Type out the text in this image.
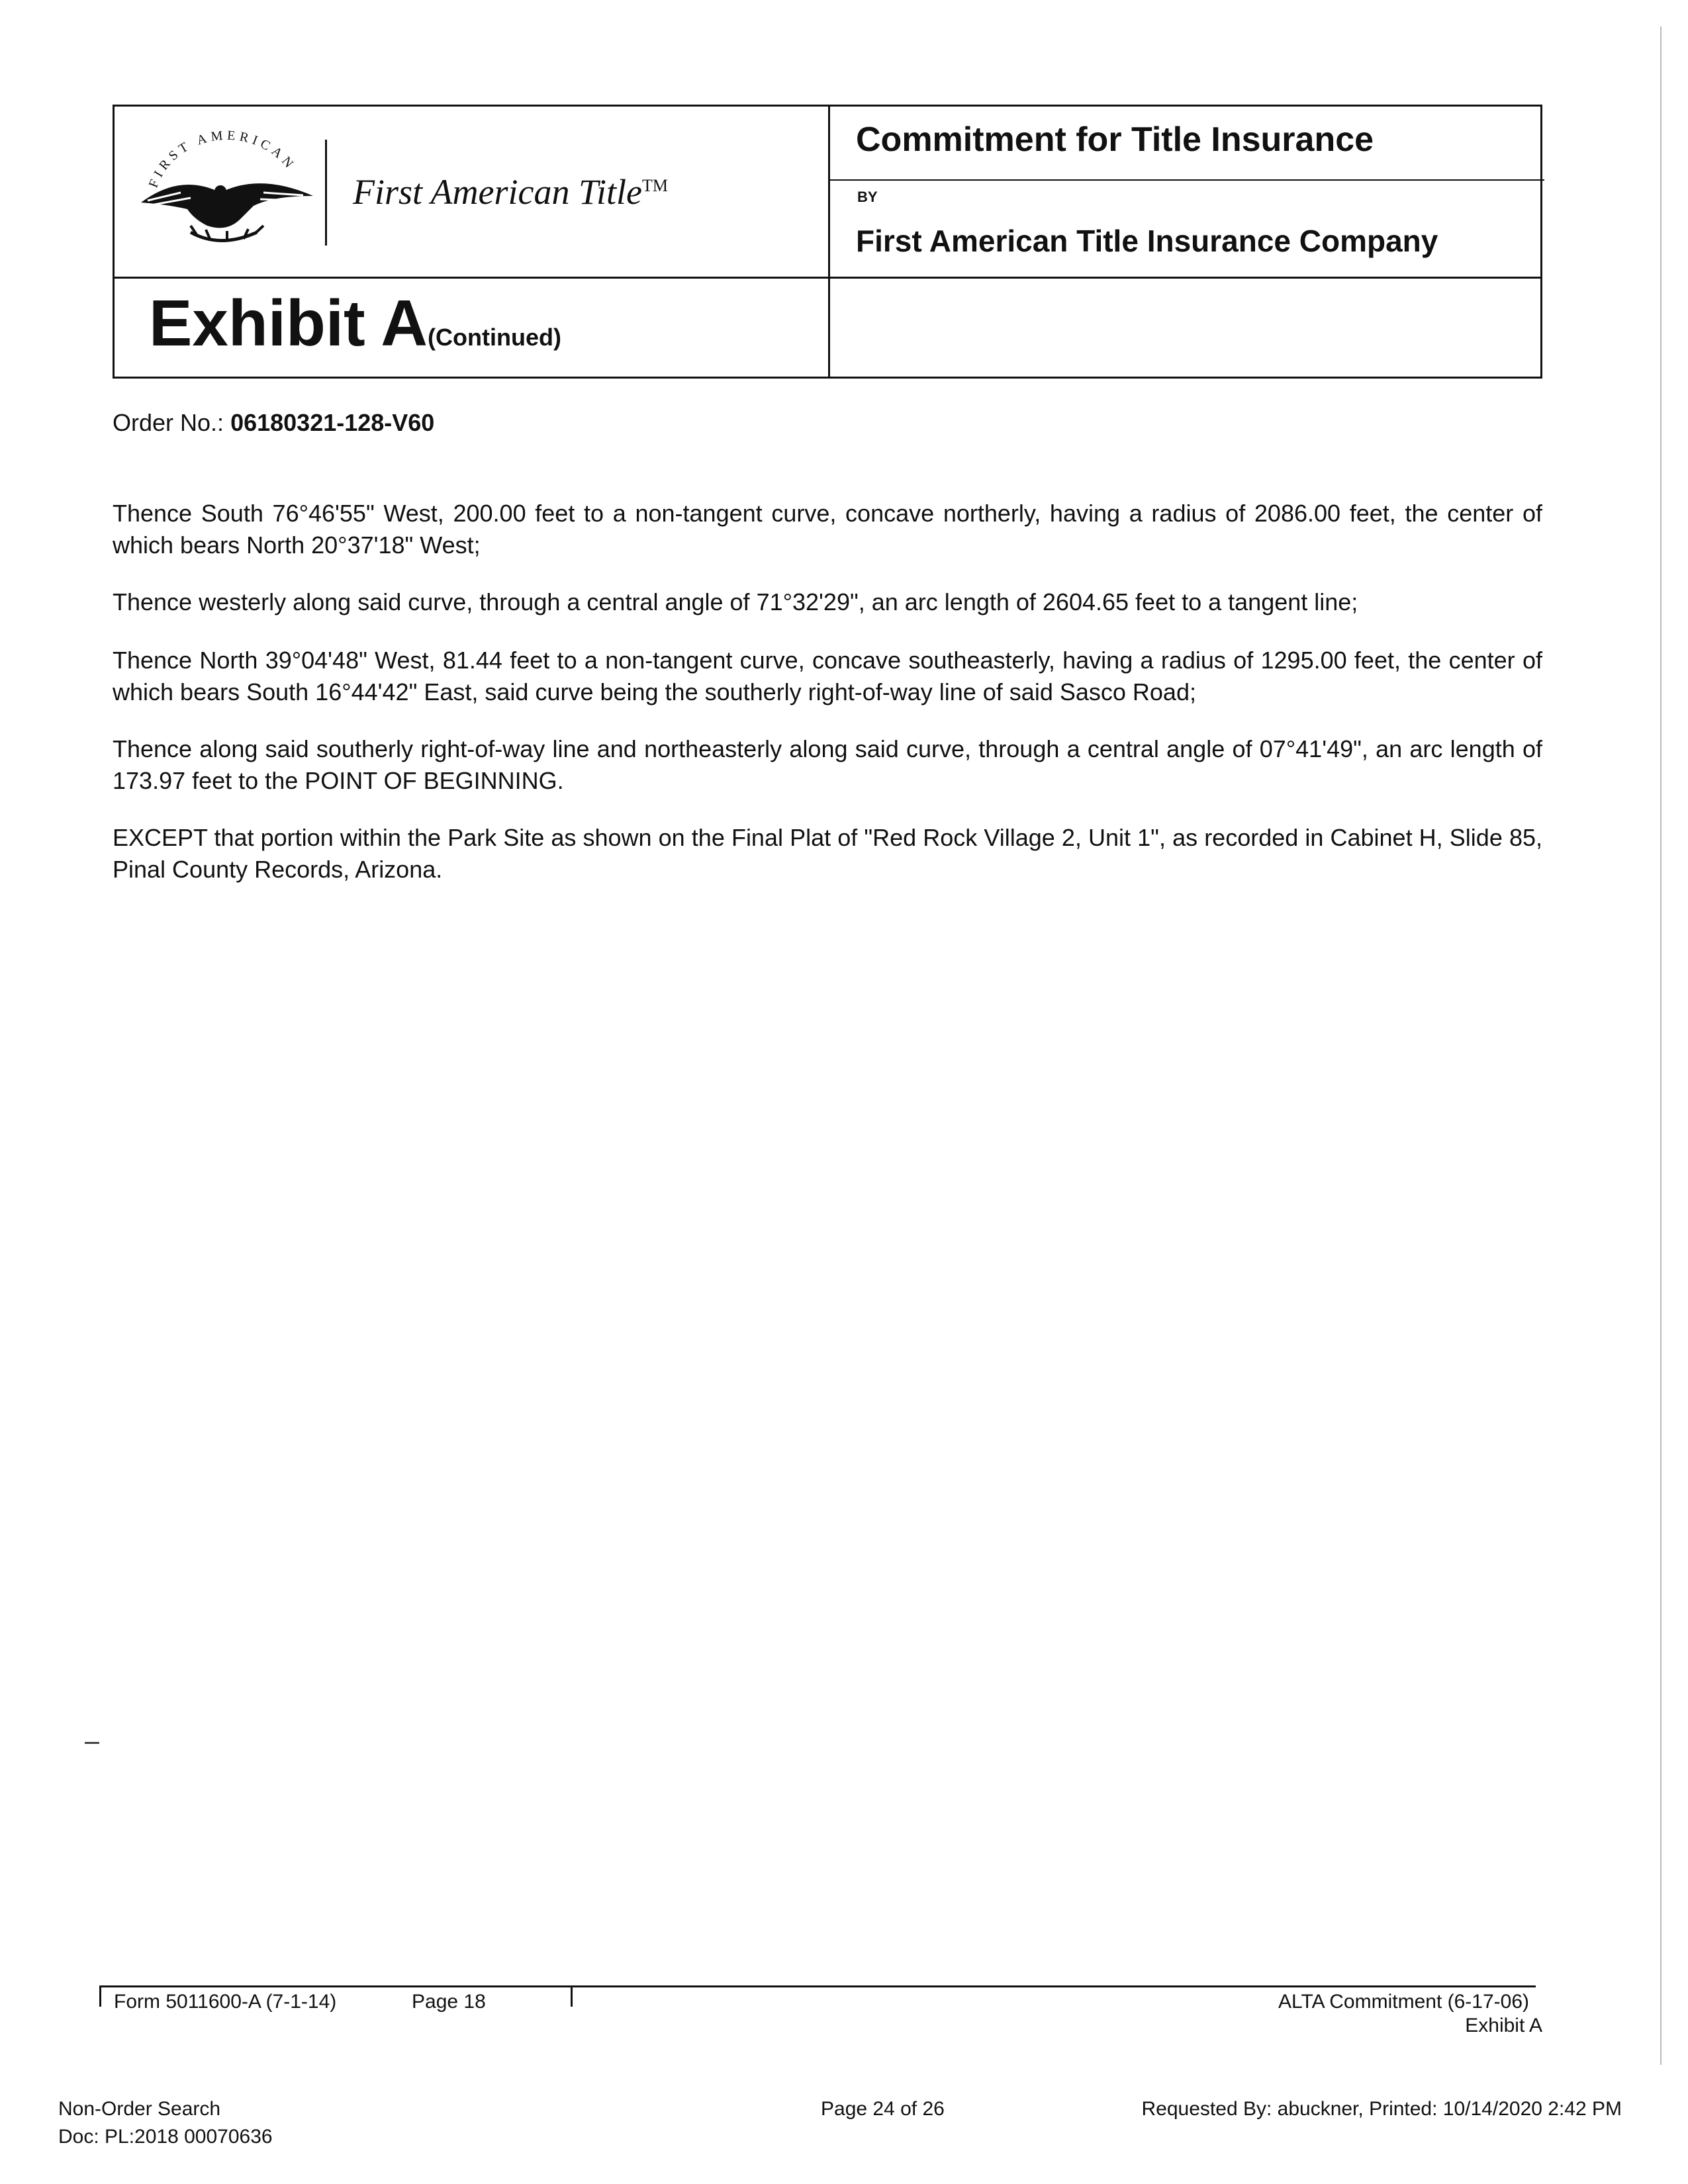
FIRST AMERICAN
First American Title™
Commitment for Title Insurance
BY
First American Title Insurance Company
Exhibit A(Continued)
Order No.: 06180321-128-V60
Thence South 76°46'55" West, 200.00 feet to a non-tangent curve, concave northerly, having a radius of 2086.00 feet, the center of which bears North 20°37'18" West;
Thence westerly along said curve, through a central angle of 71°32'29", an arc length of 2604.65 feet to a tangent line;
Thence North 39°04'48" West, 81.44 feet to a non-tangent curve, concave southeasterly, having a radius of 1295.00 feet, the center of which bears South 16°44'42" East, said curve being the southerly right-of-way line of said Sasco Road;
Thence along said southerly right-of-way line and northeasterly along said curve, through a central angle of 07°41'49", an arc length of 173.97 feet to the POINT OF BEGINNING.
EXCEPT that portion within the Park Site as shown on the Final Plat of "Red Rock Village 2, Unit 1", as recorded in Cabinet H, Slide 85, Pinal County Records, Arizona.
Form 5011600-A (7-1-14)	Page 18	ALTA Commitment (6-17-06)
Exhibit A
Non-Order Search
Doc: PL:2018 00070636
Page 24 of 26	Requested By: abuckner, Printed: 10/14/2020 2:42 PM
